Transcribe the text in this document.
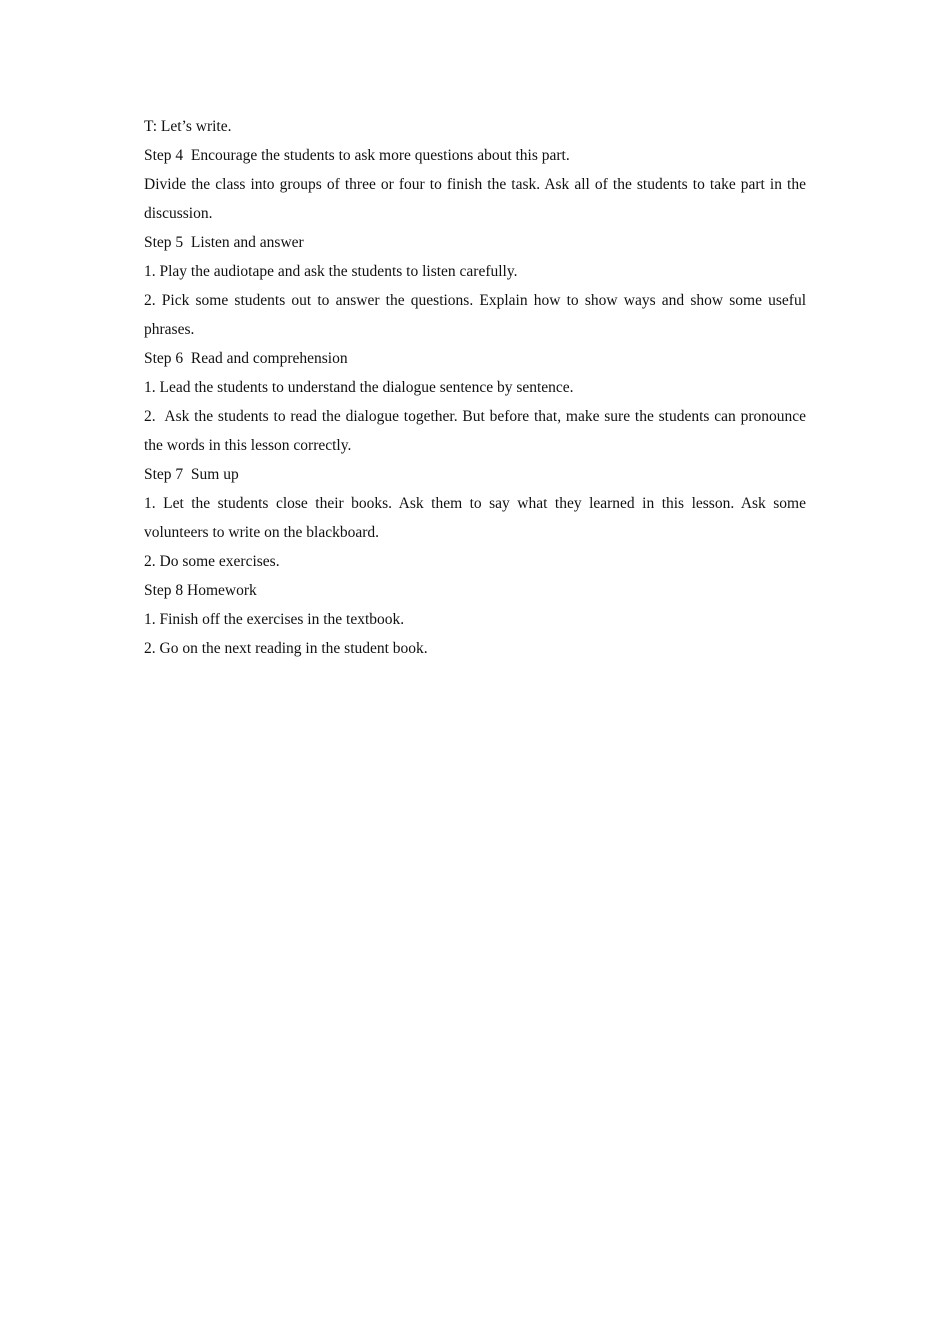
T: Let’s write.

Step 4  Encourage the students to ask more questions about this part.

Divide the class into groups of three or four to finish the task. Ask all of the students to take part in the discussion.

Step 5  Listen and answer

1. Play the audiotape and ask the students to listen carefully.

2. Pick some students out to answer the questions. Explain how to show ways and show some useful phrases.

Step 6  Read and comprehension

1. Lead the students to understand the dialogue sentence by sentence.

2.  Ask the students to read the dialogue together. But before that, make sure the students can pronounce the words in this lesson correctly.

Step 7  Sum up

1. Let the students close their books. Ask them to say what they learned in this lesson. Ask some volunteers to write on the blackboard.

2. Do some exercises.

Step 8 Homework

1. Finish off the exercises in the textbook.

2. Go on the next reading in the student book.
